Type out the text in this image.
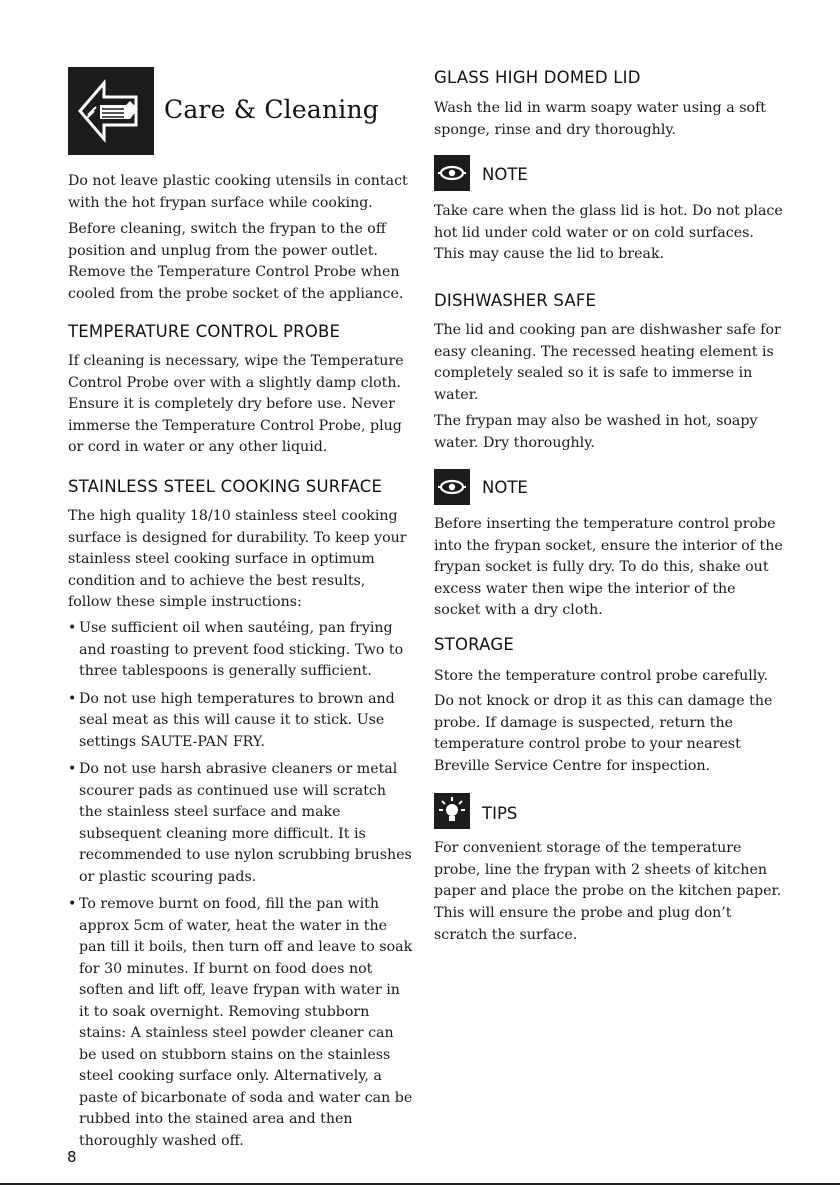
Care & Cleaning

Do not leave plastic cooking utensils in contact with the hot frypan surface while cooking.

Before cleaning, switch the frypan to the off position and unplug from the power outlet. Remove the Temperature Control Probe when cooled from the probe socket of the appliance.

TEMPERATURE CONTROL PROBE

If cleaning is necessary, wipe the Temperature Control Probe over with a slightly damp cloth. Ensure it is completely dry before use. Never immerse the Temperature Control Probe, plug or cord in water or any other liquid.

STAINLESS STEEL COOKING SURFACE

The high quality 18/10 stainless steel cooking surface is designed for durability. To keep your stainless steel cooking surface in optimum condition and to achieve the best results, follow these simple instructions:

• Use sufficient oil when sautéing, pan frying and roasting to prevent food sticking. Two to three tablespoons is generally sufficient.
• Do not use high temperatures to brown and seal meat as this will cause it to stick. Use settings SAUTE-PAN FRY.
• Do not use harsh abrasive cleaners or metal scourer pads as continued use will scratch the stainless steel surface and make subsequent cleaning more difficult. It is recommended to use nylon scrubbing brushes or plastic scouring pads.
• To remove burnt on food, fill the pan with approx 5cm of water, heat the water in the pan till it boils, then turn off and leave to soak for 30 minutes. If burnt on food does not soften and lift off, leave frypan with water in it to soak overnight. Removing stubborn stains: A stainless steel powder cleaner can be used on stubborn stains on the stainless steel cooking surface only. Alternatively, a paste of bicarbonate of soda and water can be rubbed into the stained area and then thoroughly washed off.
GLASS HIGH DOMED LID

Wash the lid in warm soapy water using a soft sponge, rinse and dry thoroughly.

NOTE

Take care when the glass lid is hot. Do not place hot lid under cold water or on cold surfaces. This may cause the lid to break.

DISHWASHER SAFE

The lid and cooking pan are dishwasher safe for easy cleaning. The recessed heating element is completely sealed so it is safe to immerse in water.

The frypan may also be washed in hot, soapy water. Dry thoroughly.

NOTE

Before inserting the temperature control probe into the frypan socket, ensure the interior of the frypan socket is fully dry. To do this, shake out excess water then wipe the interior of the socket with a dry cloth.

STORAGE

Store the temperature control probe carefully.

Do not knock or drop it as this can damage the probe. If damage is suspected, return the temperature control probe to your nearest Breville Service Centre for inspection.

TIPS

For convenient storage of the temperature probe, line the frypan with 2 sheets of kitchen paper and place the probe on the kitchen paper.

This will ensure the probe and plug don’t scratch the surface.

8
